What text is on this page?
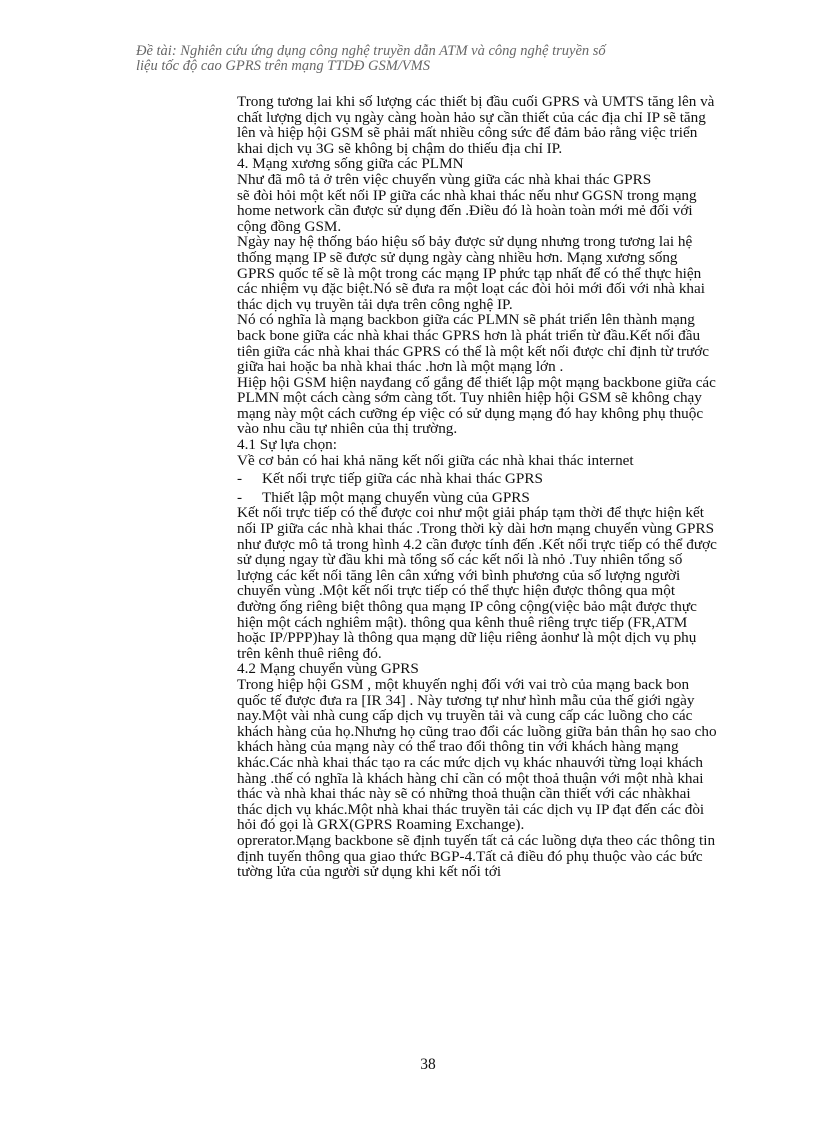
Đề tài: Nghiên cứu ứng dụng công nghệ truyền dẫn ATM và công nghệ truyền số
liệu tốc độ cao GPRS trên mạng TTDĐ GSM/VMS

Trong tương lai khi số lượng các thiết bị đầu cuối GPRS và UMTS tăng lên và chất lượng dịch vụ ngày càng hoàn hảo sự cần thiết của các địa chỉ IP sẽ tăng lên và hiệp hội GSM sẽ phải mất nhiều công sức để đảm bảo rằng việc triển khai dịch vụ 3G sẽ không bị chậm do thiếu địa chỉ IP.

4. Mạng xương sống giữa các PLMN

Như đã mô tả ở trên việc chuyển vùng giữa các nhà khai thác GPRS

sẽ đòi hỏi một kết nối IP giữa các nhà khai thác nếu như GGSN trong mạng home network cần được sử dụng đến .Điều đó là hoàn toàn mới mẻ đối với cộng đồng GSM.

Ngày nay hệ thống báo hiệu số bảy được sử dụng nhưng trong tương lai hệ thống mạng IP sẽ được sử dụng ngày càng nhiều hơn. Mạng xương sống GPRS quốc tế sẽ là một trong các mạng IP phức tạp nhất để có thể thực hiện các nhiệm vụ đặc biệt.Nó sẽ đưa ra một loạt các đòi hỏi mới đối với nhà khai thác dịch vụ truyền tải dựa trên công nghệ IP.

Nó có nghĩa là mạng backbon giữa các PLMN sẽ phát triển lên thành mạng back bone giữa các nhà khai thác GPRS hơn là phát triển từ đầu.Kết nối đầu tiên giữa các nhà khai thác GPRS có thể là một kết nối được chỉ định từ trước giữa hai hoặc ba nhà khai thác .hơn là một mạng lớn .

Hiệp hội GSM hiện nayđang cố gắng để thiết lập một mạng backbone giữa các PLMN một cách càng sớm càng tốt. Tuy nhiên hiệp hội GSM sẽ không chạy mạng này một cách cưỡng ép việc có sử dụng mạng đó hay không phụ thuộc vào nhu cầu tự nhiên của thị trường.

4.1 Sự lựa chọn:

Về cơ bản có hai khả năng kết nối giữa các nhà khai thác internet

-	Kết nối trực tiếp giữa các nhà khai thác GPRS
-	Thiết lập một mạng chuyển vùng của GPRS

Kết nối trực tiếp có thể được coi như một giải pháp tạm thời để thực hiện kết nối IP giữa các nhà khai thác .Trong thời kỳ dài hơn mạng chuyển vùng GPRS như được mô tả trong hình 4.2 cần được tính đến .Kết nối trực tiếp có thể được sử dụng ngay từ đầu khi mà tổng số các kết nối là nhỏ .Tuy nhiên tổng số lượng các kết nối tăng lên cân xứng với bình phương của số lượng người chuyển vùng .Một kết nối trực tiếp có thể thực hiện được thông qua một đường ống riêng biệt thông qua mạng IP công cộng(việc bảo mật được thực hiện một cách nghiêm mật). thông qua kênh thuê riêng trực tiếp (FR,ATM hoặc IP/PPP)hay là thông qua mạng dữ liệu riêng ảonhư là một dịch vụ phụ trên kênh thuê riêng đó.

4.2 Mạng chuyển vùng GPRS

Trong hiệp hội GSM , một khuyến nghị đối với vai trò của mạng back bon quốc tế được đưa ra [IR 34] . Này tương tự như hình mẫu của thế giới ngày nay.Một vài nhà cung cấp dịch vụ truyền tải và cung cấp các luồng cho các khách hàng của họ.Nhưng họ cũng trao đổi các luồng giữa bản thân họ sao cho khách hàng của mạng này có thể trao đổi thông tin với khách hàng mạng khác.Các nhà khai thác tạo ra các mức dịch vụ khác nhauvới từng loại khách hàng .thế có nghĩa là khách hàng chỉ cần có một thoả thuận với một nhà khai thác và nhà khai thác này sẽ có những thoả thuận cần thiết với các nhàkhai thác dịch vụ khác.Một nhà khai thác truyền tải các dịch vụ IP đạt đến các đòi hỏi đó gọi là GRX(GPRS Roaming Exchange).

oprerator.Mạng backbone sẽ định tuyến tất cả các luồng dựa theo các thông tin định tuyến thông qua giao thức BGP-4.Tất cả điều đó phụ thuộc vào các bức tường lửa của người sử dụng khi kết nối tới

38
